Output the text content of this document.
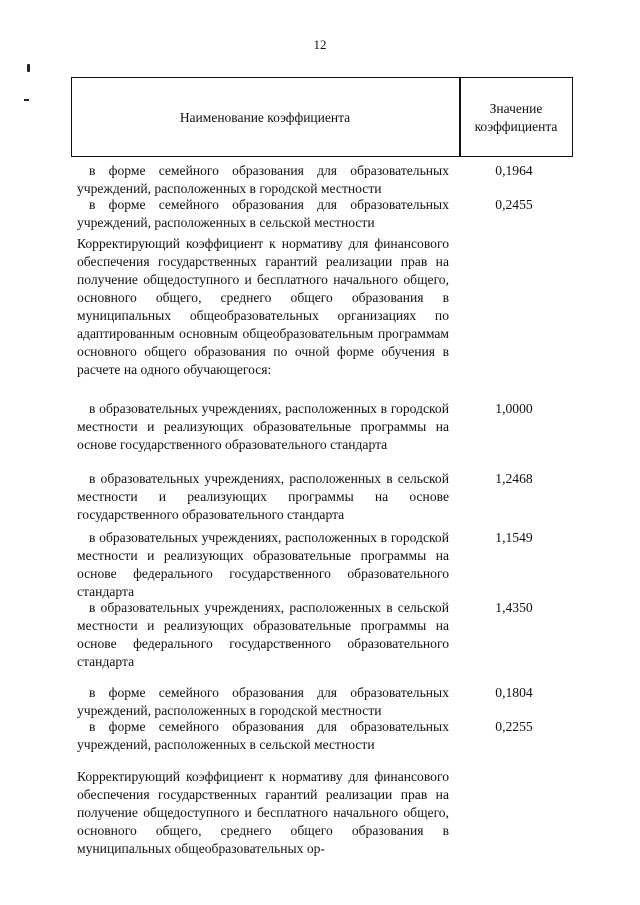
12
Наименование коэффициента
Значение
коэффициента

в форме семейного образования для образовательных учреждений, расположенных в городской местности

0,1964

в форме семейного образования для образовательных учреждений, расположенных в сельской местности

0,2455

Корректирующий коэффициент к нормативу для финансового обеспечения государственных гарантий реализации прав на получение общедоступного и бесплатного начального общего, основного общего, среднего общего образования в муниципальных общеобразовательных организациях по адаптированным основным общеобразовательным программам основного общего образования по очной форме обучения в расчете на одного обучающегося:

в образовательных учреждениях, расположенных в городской местности и реализующих образовательные программы на основе государственного образовательного стандарта

1,0000

в образовательных учреждениях, расположенных в сельской местности и реализующих программы на основе государственного образовательного стандарта

1,2468

в образовательных учреждениях, расположенных в городской местности и реализующих образовательные программы на основе федерального государственного образовательного стандарта

1,1549

в образовательных учреждениях, расположенных в сельской местности и реализующих образовательные программы на основе федерального государственного образовательного стандарта

1,4350

в форме семейного образования для образовательных учреждений, расположенных в городской местности

0,1804

в форме семейного образования для образовательных учреждений, расположенных в сельской местности

0,2255

Корректирующий коэффициент к нормативу для финансового обеспечения государственных гарантий реализации прав на получение общедоступного и бесплатного начального общего, основного общего, среднего общего образования в муниципальных общеобразовательных ор-
